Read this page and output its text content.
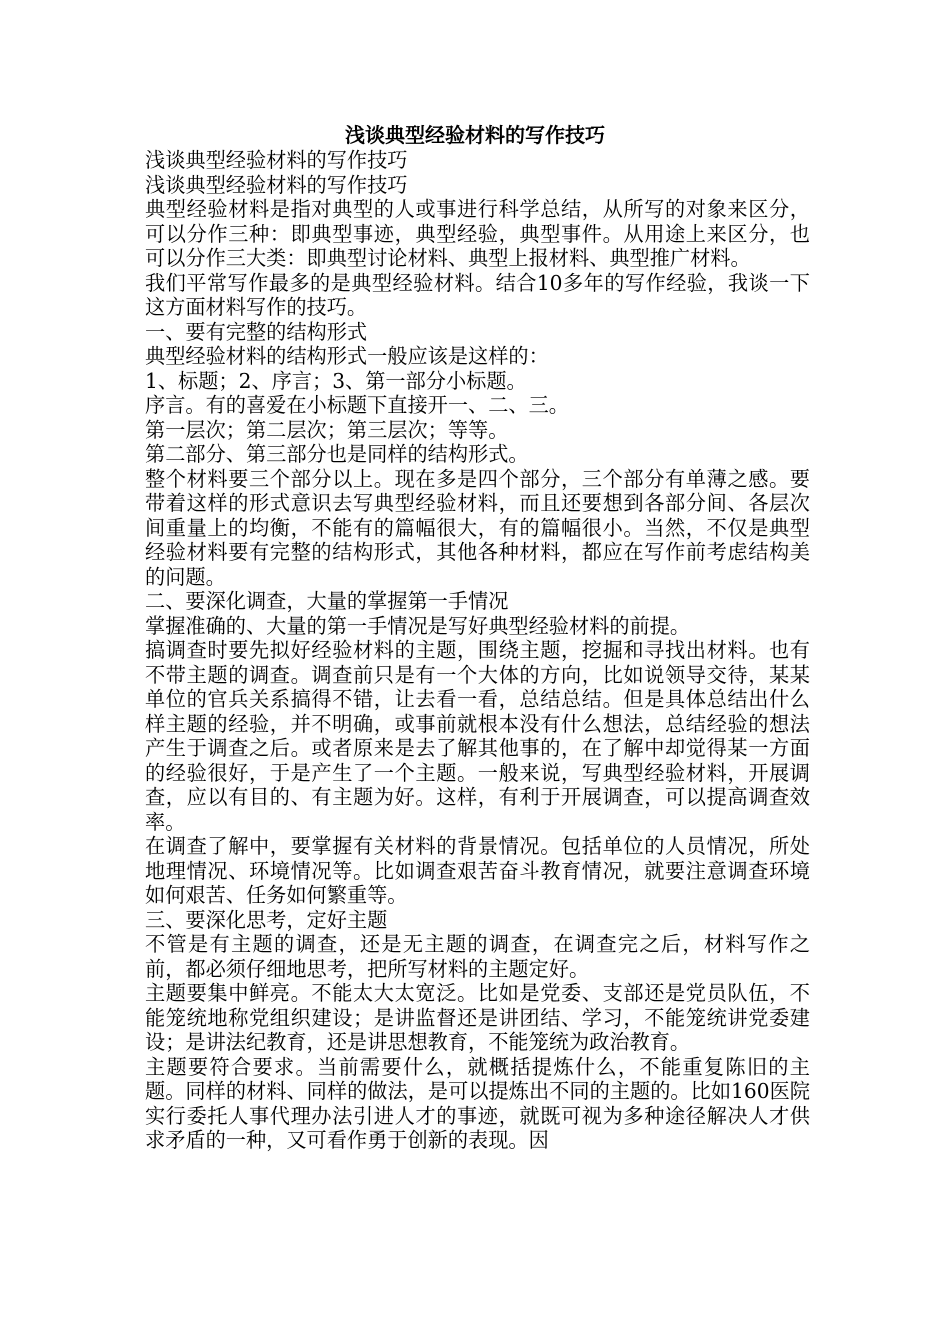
浅谈典型经验材料的写作技巧

浅谈典型经验材料的写作技巧

浅谈典型经验材料的写作技巧

典型经验材料是指对典型的人或事进行科学总结，从所写的对象来区分，可以分作三种：即典型事迹，典型经验，典型事件。从用途上来区分，也可以分作三大类：即典型讨论材料、典型上报材料、典型推广材料。

我们平常写作最多的是典型经验材料。结合10多年的写作经验，我谈一下这方面材料写作的技巧。

一、要有完整的结构形式

典型经验材料的结构形式一般应该是这样的：

1、标题；2、序言；3、第一部分小标题。

序言。有的喜爱在小标题下直接开一、二、三。

第一层次；第二层次；第三层次；等等。

第二部分、第三部分也是同样的结构形式。

整个材料要三个部分以上。现在多是四个部分，三个部分有单薄之感。要带着这样的形式意识去写典型经验材料，而且还要想到各部分间、各层次间重量上的均衡，不能有的篇幅很大，有的篇幅很小。当然，不仅是典型经验材料要有完整的结构形式，其他各种材料，都应在写作前考虑结构美的问题。

二、要深化调查，大量的掌握第一手情况

掌握准确的、大量的第一手情况是写好典型经验材料的前提。

搞调查时要先拟好经验材料的主题，围绕主题，挖掘和寻找出材料。也有不带主题的调查。调查前只是有一个大体的方向，比如说领导交待，某某单位的官兵关系搞得不错，让去看一看，总结总结。但是具体总结出什么样主题的经验，并不明确，或事前就根本没有什么想法，总结经验的想法产生于调查之后。或者原来是去了解其他事的，在了解中却觉得某一方面的经验很好，于是产生了一个主题。一般来说，写典型经验材料，开展调查，应以有目的、有主题为好。这样，有利于开展调查，可以提高调查效率。

在调查了解中，要掌握有关材料的背景情况。包括单位的人员情况，所处地理情况、环境情况等。比如调查艰苦奋斗教育情况，就要注意调查环境如何艰苦、任务如何繁重等。

三、要深化思考，定好主题

不管是有主题的调查，还是无主题的调查，在调查完之后，材料写作之前，都必须仔细地思考，把所写材料的主题定好。

主题要集中鲜亮。不能太大太宽泛。比如是党委、支部还是党员队伍，不能笼统地称党组织建设；是讲监督还是讲团结、学习，不能笼统讲党委建设；是讲法纪教育，还是讲思想教育，不能笼统为政治教育。

主题要符合要求。当前需要什么，就概括提炼什么，不能重复陈旧的主题。同样的材料、同样的做法，是可以提炼出不同的主题的。比如160医院实行委托人事代理办法引进人才的事迹，就既可视为多种途径解决人才供求矛盾的一种，又可看作勇于创新的表现。因
